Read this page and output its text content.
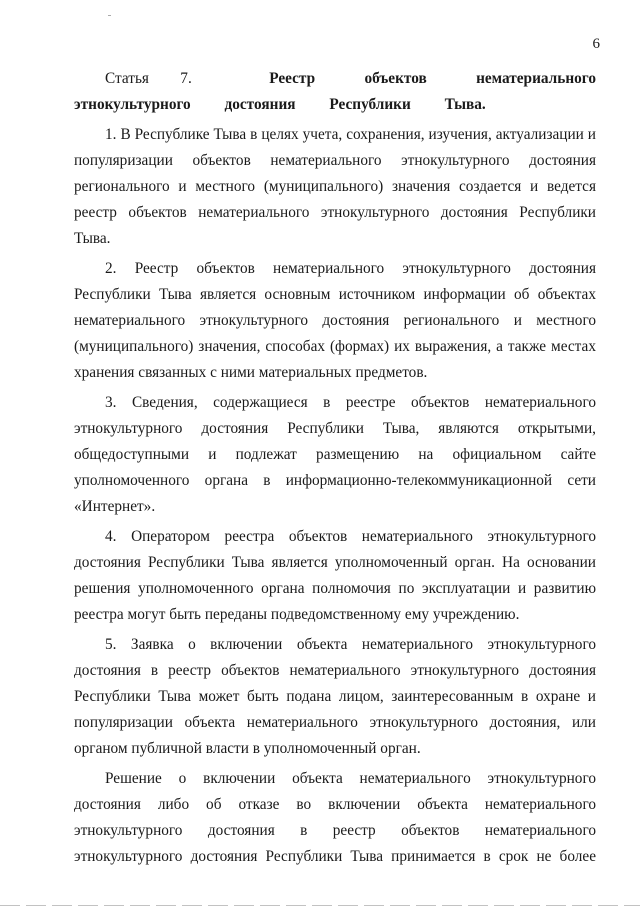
6

Статья 7.	Реестр объектов нематериального этнокультурного достояния Республики Тыва.

1. В Республике Тыва в целях учета, сохранения, изучения, актуализации и популяризации объектов нематериального этнокультурного достояния регионального и местного (муниципального) значения создается и ведется реестр объектов нематериального этнокультурного достояния Республики Тыва.

2. Реестр объектов нематериального этнокультурного достояния Республики Тыва является основным источником информации об объектах нематериального этнокультурного достояния регионального и местного (муниципального) значения, способах (формах) их выражения, а также местах хранения связанных с ними материальных предметов.

3. Сведения, содержащиеся в реестре объектов нематериального этнокультурного достояния Республики Тыва, являются открытыми, общедоступными и подлежат размещению на официальном сайте уполномоченного органа в информационно-телекоммуникационной сети «Интернет».

4. Оператором реестра объектов нематериального этнокультурного достояния Республики Тыва является уполномоченный орган. На основании решения уполномоченного органа полномочия по эксплуатации и развитию реестра могут быть переданы подведомственному ему учреждению.

5. Заявка о включении объекта нематериального этнокультурного достояния в реестр объектов нематериального этнокультурного достояния Республики Тыва может быть подана лицом, заинтересованным в охране и популяризации объекта нематериального этнокультурного достояния, или органом публичной власти в уполномоченный орган.

Решение о включении объекта нематериального этнокультурного достояния либо об отказе во включении объекта нематериального этнокультурного достояния в реестр объектов нематериального этнокультурного достояния Республики Тыва принимается в срок не более
